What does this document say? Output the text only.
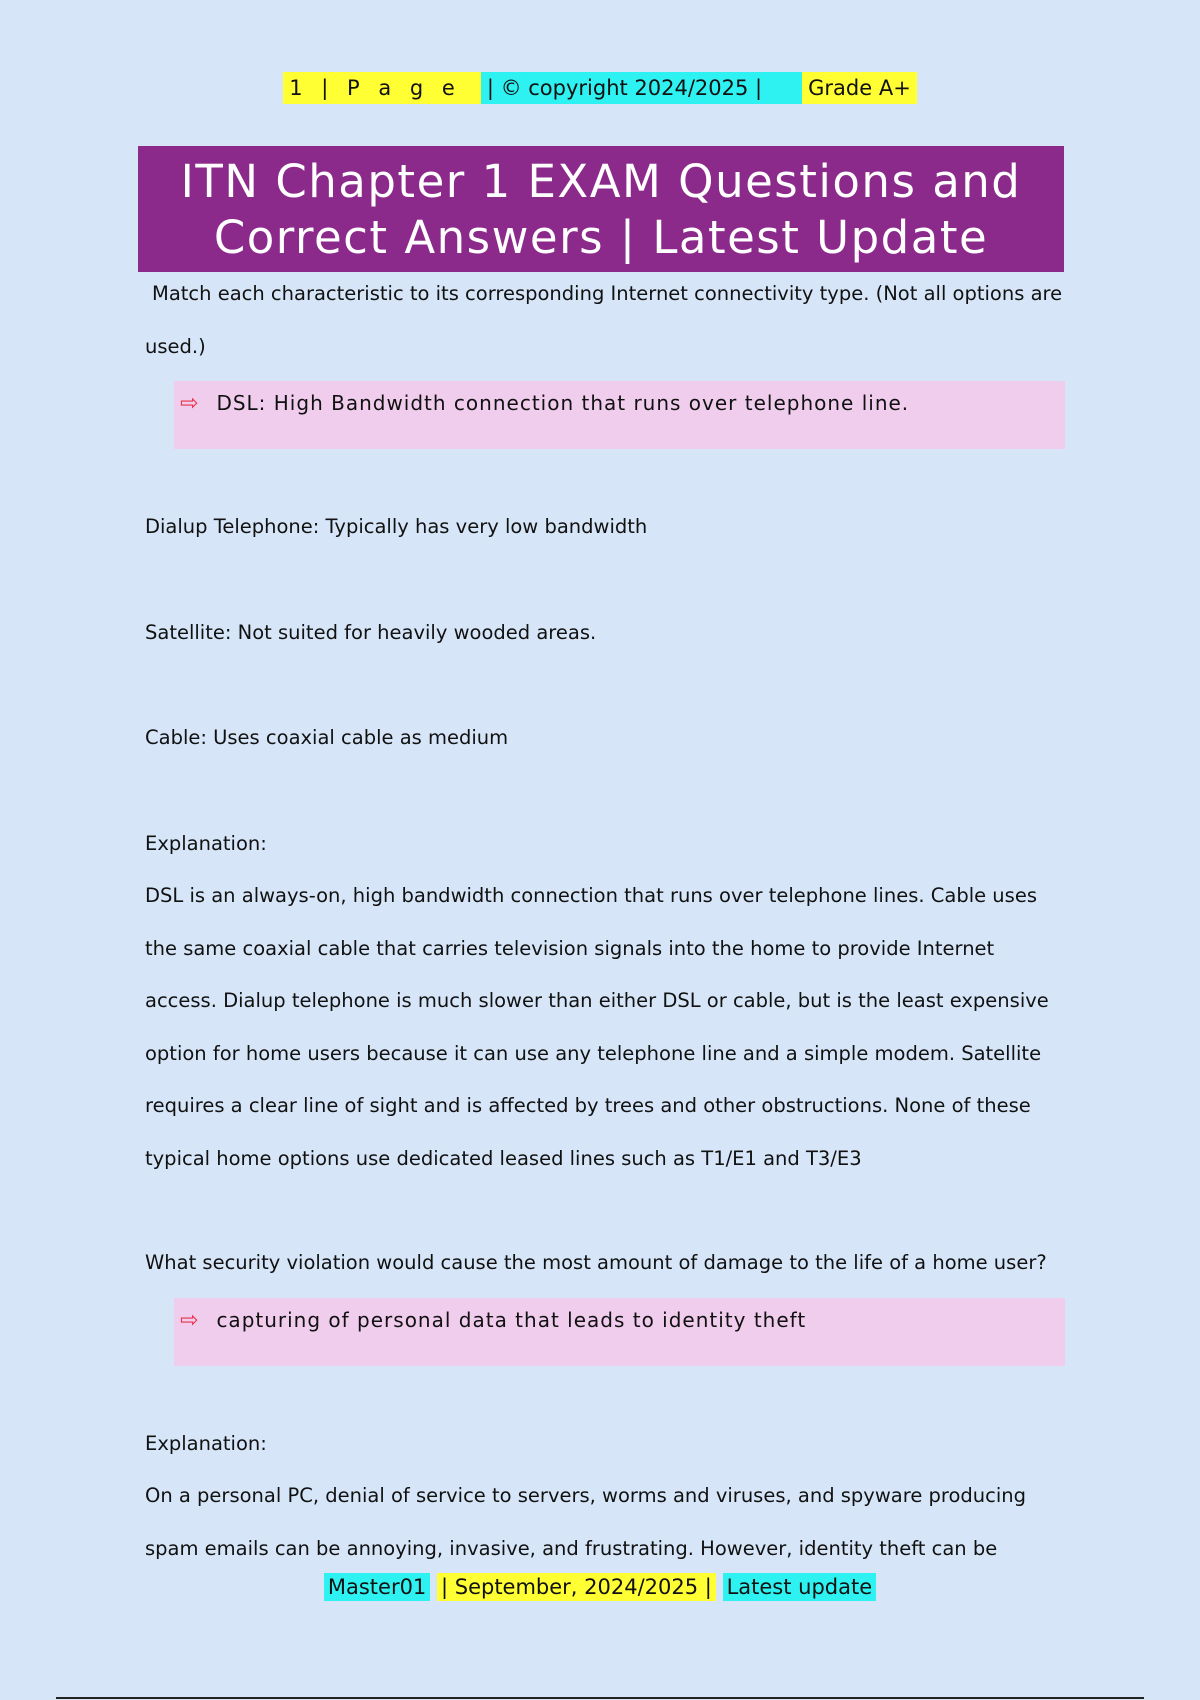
1 | P a g e | © copyright 2024/2025 | Grade A+
ITN Chapter 1 EXAM Questions and
Correct Answers | Latest Update

Match each characteristic to its corresponding Internet connectivity type. (Not all options are used.)

⇨ DSL: High Bandwidth connection that runs over telephone line.

Dialup Telephone: Typically has very low bandwidth

Satellite: Not suited for heavily wooded areas.

Cable: Uses coaxial cable as medium

Explanation:

DSL is an always-on, high bandwidth connection that runs over telephone lines. Cable uses the same coaxial cable that carries television signals into the home to provide Internet access. Dialup telephone is much slower than either DSL or cable, but is the least expensive option for home users because it can use any telephone line and a simple modem. Satellite requires a clear line of sight and is affected by trees and other obstructions. None of these typical home options use dedicated leased lines such as T1/E1 and T3/E3

What security violation would cause the most amount of damage to the life of a home user?

⇨ capturing of personal data that leads to identity theft

Explanation:

On a personal PC, denial of service to servers, worms and viruses, and spyware producing spam emails can be annoying, invasive, and frustrating. However, identity theft can be

Master01 | September, 2024/2025 | Latest update
